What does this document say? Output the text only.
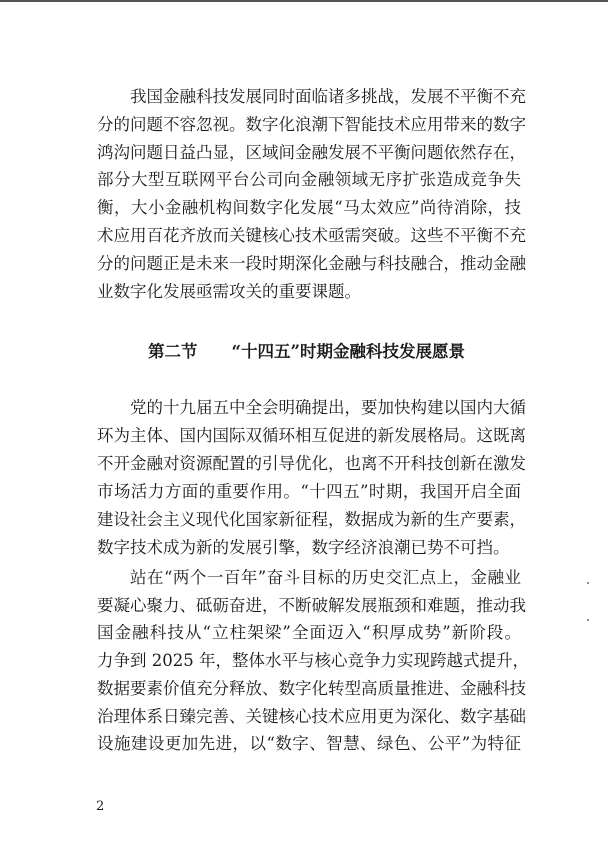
我国金融科技发展同时面临诸多挑战，发展不平衡不充
分的问题不容忽视。数字化浪潮下智能技术应用带来的数字
鸿沟问题日益凸显，区域间金融发展不平衡问题依然存在，
部分大型互联网平台公司向金融领域无序扩张造成竞争失
衡，大小金融机构间数字化发展“马太效应”尚待消除，技
术应用百花齐放而关键核心技术亟需突破。这些不平衡不充
分的问题正是未来一段时期深化金融与科技融合，推动金融
业数字化发展亟需攻关的重要课题。
党的十九届五中全会明确提出，要加快构建以国内大循
环为主体、国内国际双循环相互促进的新发展格局。这既离
不开金融对资源配置的引导优化，也离不开科技创新在激发
市场活力方面的重要作用。“十四五”时期，我国开启全面
建设社会主义现代化国家新征程，数据成为新的生产要素，
数字技术成为新的发展引擎，数字经济浪潮已势不可挡。
站在“两个一百年”奋斗目标的历史交汇点上，金融业
要凝心聚力、砥砺奋进，不断破解发展瓶颈和难题，推动我
国金融科技从“立柱架梁”全面迈入“积厚成势”新阶段。
力争到 2025 年，整体水平与核心竞争力实现跨越式提升，
数据要素价值充分释放、数字化转型高质量推进、金融科技
治理体系日臻完善、关键核心技术应用更为深化、数字基础
设施建设更加先进，以“数字、智慧、绿色、公平”为特征
第二节 “十四五”时期金融科技发展愿景
2
